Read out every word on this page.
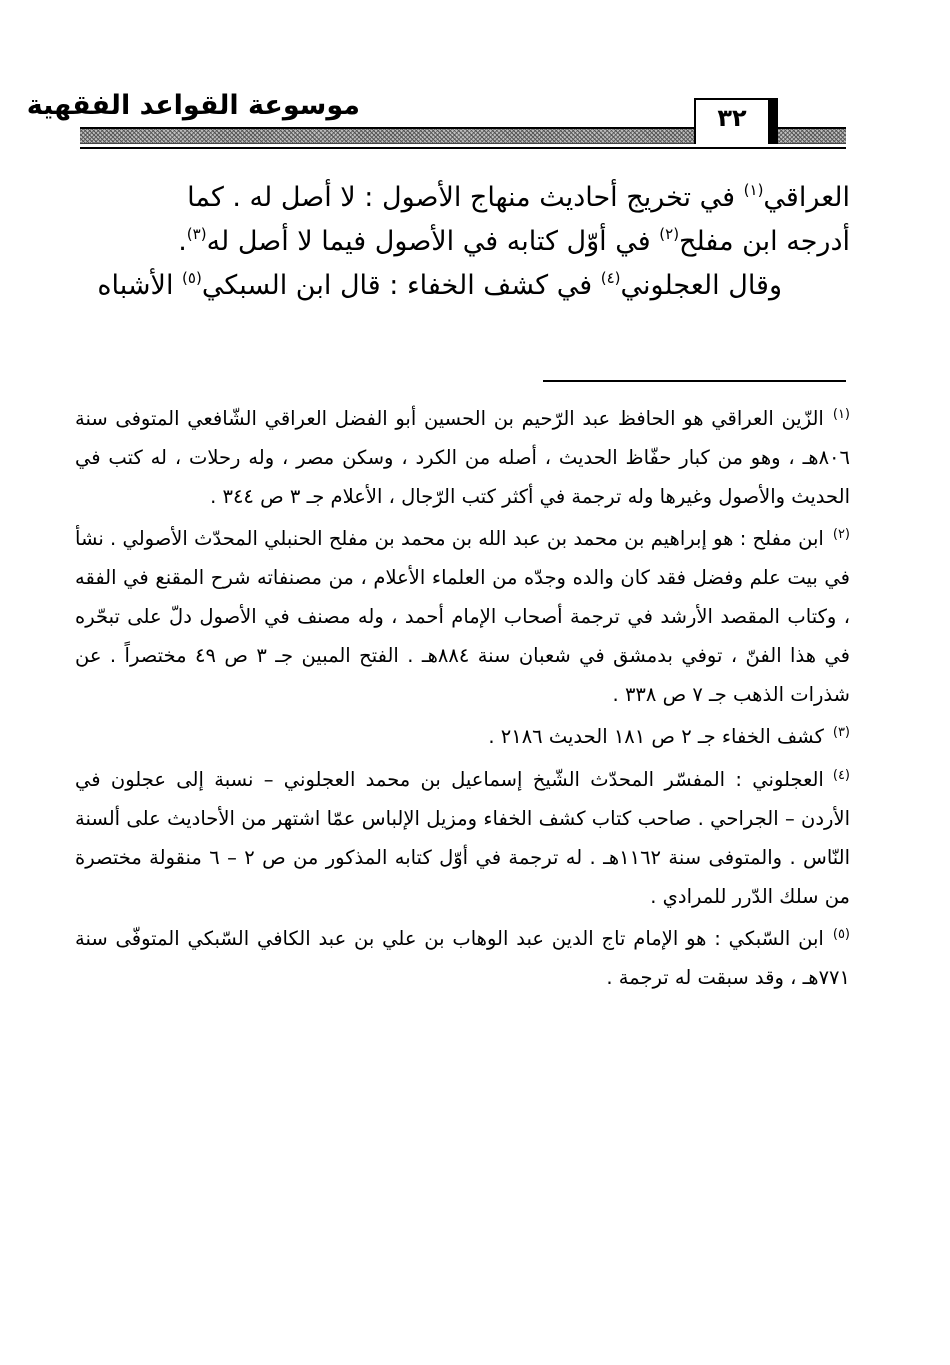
موسوعة القواعد الفقهية	٣٢
العراقي$^{(١)}$ في تخريج أحاديث منهاج الأصول : لا أصل له . كما
أدرجه ابن مفلح$^{(٢)}$ في أوّل كتابه في الأصول فيما لا أصل له$^{(٣)}$.
وقال العجلوني$^{(٤)}$ في كشف الخفاء : قال ابن السبكي$^{(٥)}$ الأشباه
$^{(١)}$الزّين العراقي هو الحافظ عبد الرّحيم بن الحسين أبو الفضل العراقي الشّافعي المتوفى سنة ٨٠٦هـ ، وهو من كبار حفّاظ الحديث ، أصله من الكرد ، وسكن مصر ، وله رحلات ، له كتب في الحديث والأصول وغيرها وله ترجمة في أكثر كتب الرّجال ، الأعلام جـ ٣ ص ٣٤٤ .
$^{(٢)}$ابن مفلح : هو إبراهيم بن محمد بن عبد الله بن محمد بن مفلح الحنبلي المحدّث الأصولي . نشأ في بيت علم وفضل فقد كان والده وجدّه من العلماء الأعلام ، من مصنفاته شرح المقنع في الفقه ، وكتاب المقصد الأرشد في ترجمة أصحاب الإمام أحمد ، وله مصنف في الأصول دلّ على تبحّره في هذا الفنّ ، توفي بدمشق في شعبان سنة ٨٨٤هـ . الفتح المبين جـ ٣ ص ٤٩ مختصراً . عن شذرات الذهب جـ ٧ ص ٣٣٨ .
$^{(٣)}$كشف الخفاء جـ ٢ ص ١٨١ الحديث ٢١٨٦ .
$^{(٤)}$العجلوني : المفسّر المحدّث الشّيخ إسماعيل بن محمد العجلوني – نسبة إلى عجلون في الأردن – الجراحي . صاحب كتاب كشف الخفاء ومزيل الإلباس عمّا اشتهر من الأحاديث على ألسنة النّاس . والمتوفى سنة ١١٦٢هـ . له ترجمة في أوّل كتابه المذكور من ص ٢ – ٦ منقولة مختصرة من سلك الدّرر للمرادي .
$^{(٥)}$ابن السّبكي : هو الإمام تاج الدين عبد الوهاب بن علي بن عبد الكافي السّبكي المتوفّى سنة ٧٧١هـ ، وقد سبقت له ترجمة .
